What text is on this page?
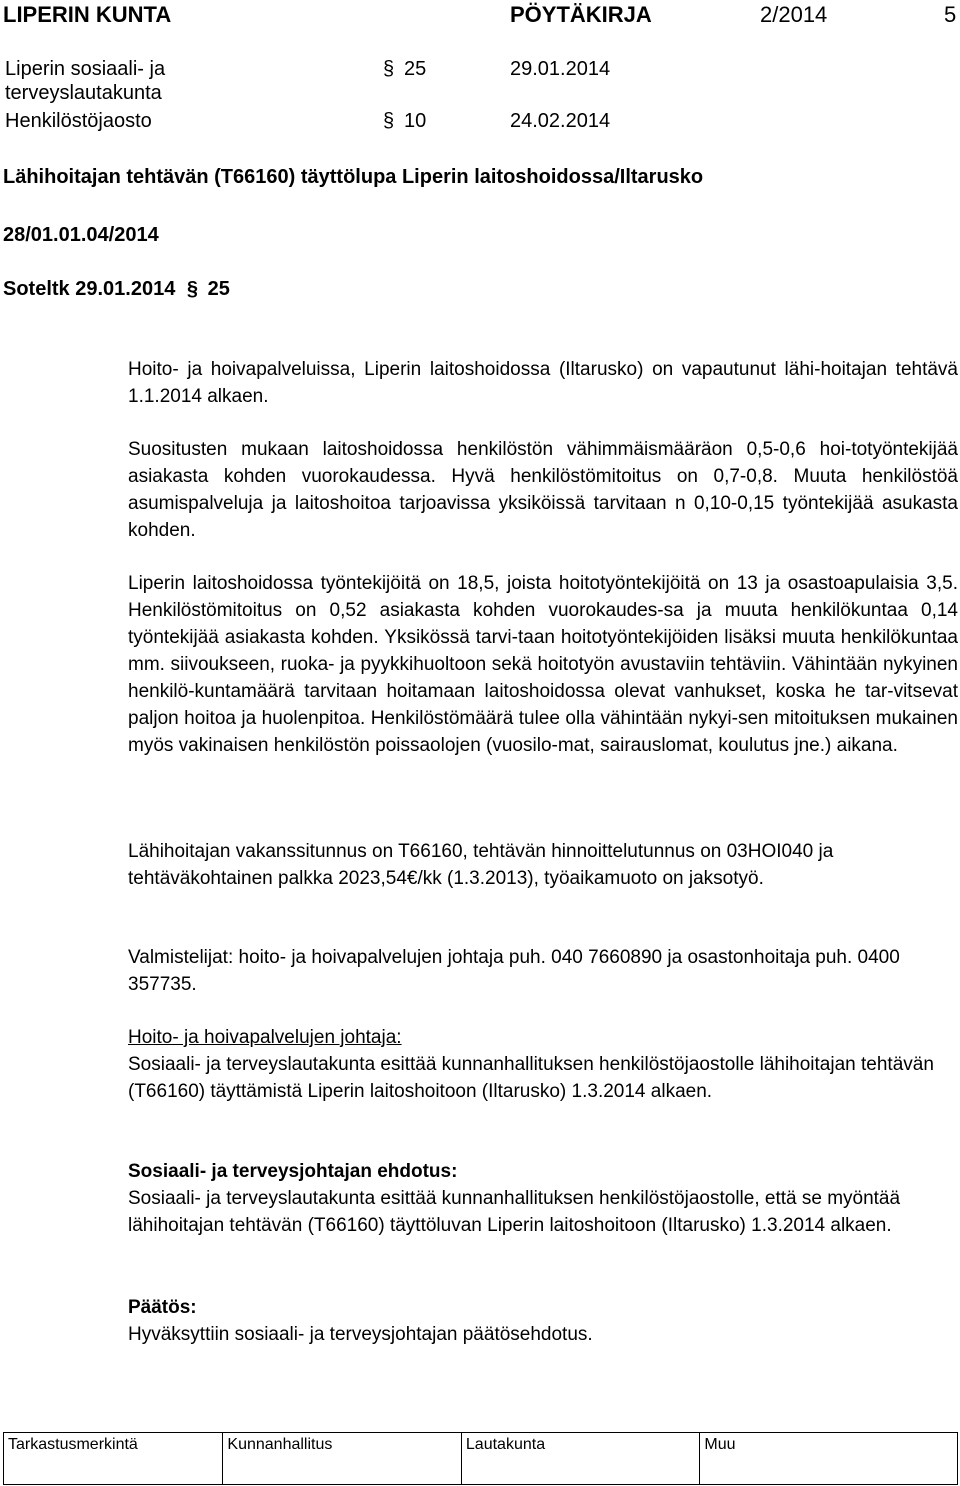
LIPERIN KUNTA	PÖYTÄKIRJA	2/2014	5
Liperin sosiaali- ja
terveyslautakunta
§ 25	29.01.2014
Henkilöstöjaosto	§ 10	24.02.2014
Lähihoitajan tehtävän (T66160) täyttölupa Liperin laitoshoidossa/Iltarusko
28/01.01.04/2014
Soteltk 29.01.2014 § 25

Hoito- ja hoivapalveluissa, Liperin laitoshoidossa (Iltarusko) on vapautunut lähi-hoitajan tehtävä 1.1.2014 alkaen.

Suositusten mukaan laitoshoidossa henkilöstön vähimmäismääräon 0,5-0,6 hoi-totyöntekijää asiakasta kohden vuorokaudessa. Hyvä henkilöstömitoitus on 0,7-0,8. Muuta henkilöstöä asumispalveluja ja laitoshoitoa tarjoavissa yksiköissä tarvitaan n 0,10-0,15 työntekijää asukasta kohden.

Liperin laitoshoidossa työntekijöitä on 18,5, joista hoitotyöntekijöitä on 13 ja osastoapulaisia 3,5. Henkilöstömitoitus on 0,52 asiakasta kohden vuorokaudes-sa ja muuta henkilökuntaa 0,14 työntekijää asiakasta kohden. Yksikössä tarvi-taan hoitotyöntekijöiden lisäksi muuta henkilökuntaa mm. siivoukseen, ruoka- ja pyykkihuoltoon sekä hoitotyön avustaviin tehtäviin. Vähintään nykyinen henkilö-kuntamäärä tarvitaan hoitamaan laitoshoidossa olevat vanhukset, koska he tar-vitsevat paljon hoitoa ja huolenpitoa. Henkilöstömäärä tulee olla vähintään nykyi-sen mitoituksen mukainen myös vakinaisen henkilöstön poissaolojen (vuosilo-mat, sairauslomat, koulutus jne.) aikana.

Lähihoitajan vakanssitunnus on T66160, tehtävän hinnoittelutunnus on 03HOI040 ja tehtäväkohtainen palkka 2023,54€/kk (1.3.2013), työaikamuoto on jaksotyö.

Valmistelijat: hoito- ja hoivapalvelujen johtaja puh. 040 7660890 ja osastonhoitaja puh. 0400 357735.

Hoito- ja hoivapalvelujen johtaja:

Sosiaali- ja terveyslautakunta esittää kunnanhallituksen henkilöstöjaostolle lähihoitajan tehtävän (T66160) täyttämistä Liperin laitoshoitoon (Iltarusko) 1.3.2014 alkaen.

Sosiaali- ja terveysjohtajan ehdotus:

Sosiaali- ja terveyslautakunta esittää kunnanhallituksen henkilöstöjaostolle, että se myöntää lähihoitajan tehtävän (T66160) täyttöluvan Liperin laitoshoitoon (Iltarusko) 1.3.2014 alkaen.

Päätös:

Hyväksyttiin sosiaali- ja terveysjohtajan päätösehdotus.

Tarkastusmerkintä	Kunnanhallitus	Lautakunta	Muu
